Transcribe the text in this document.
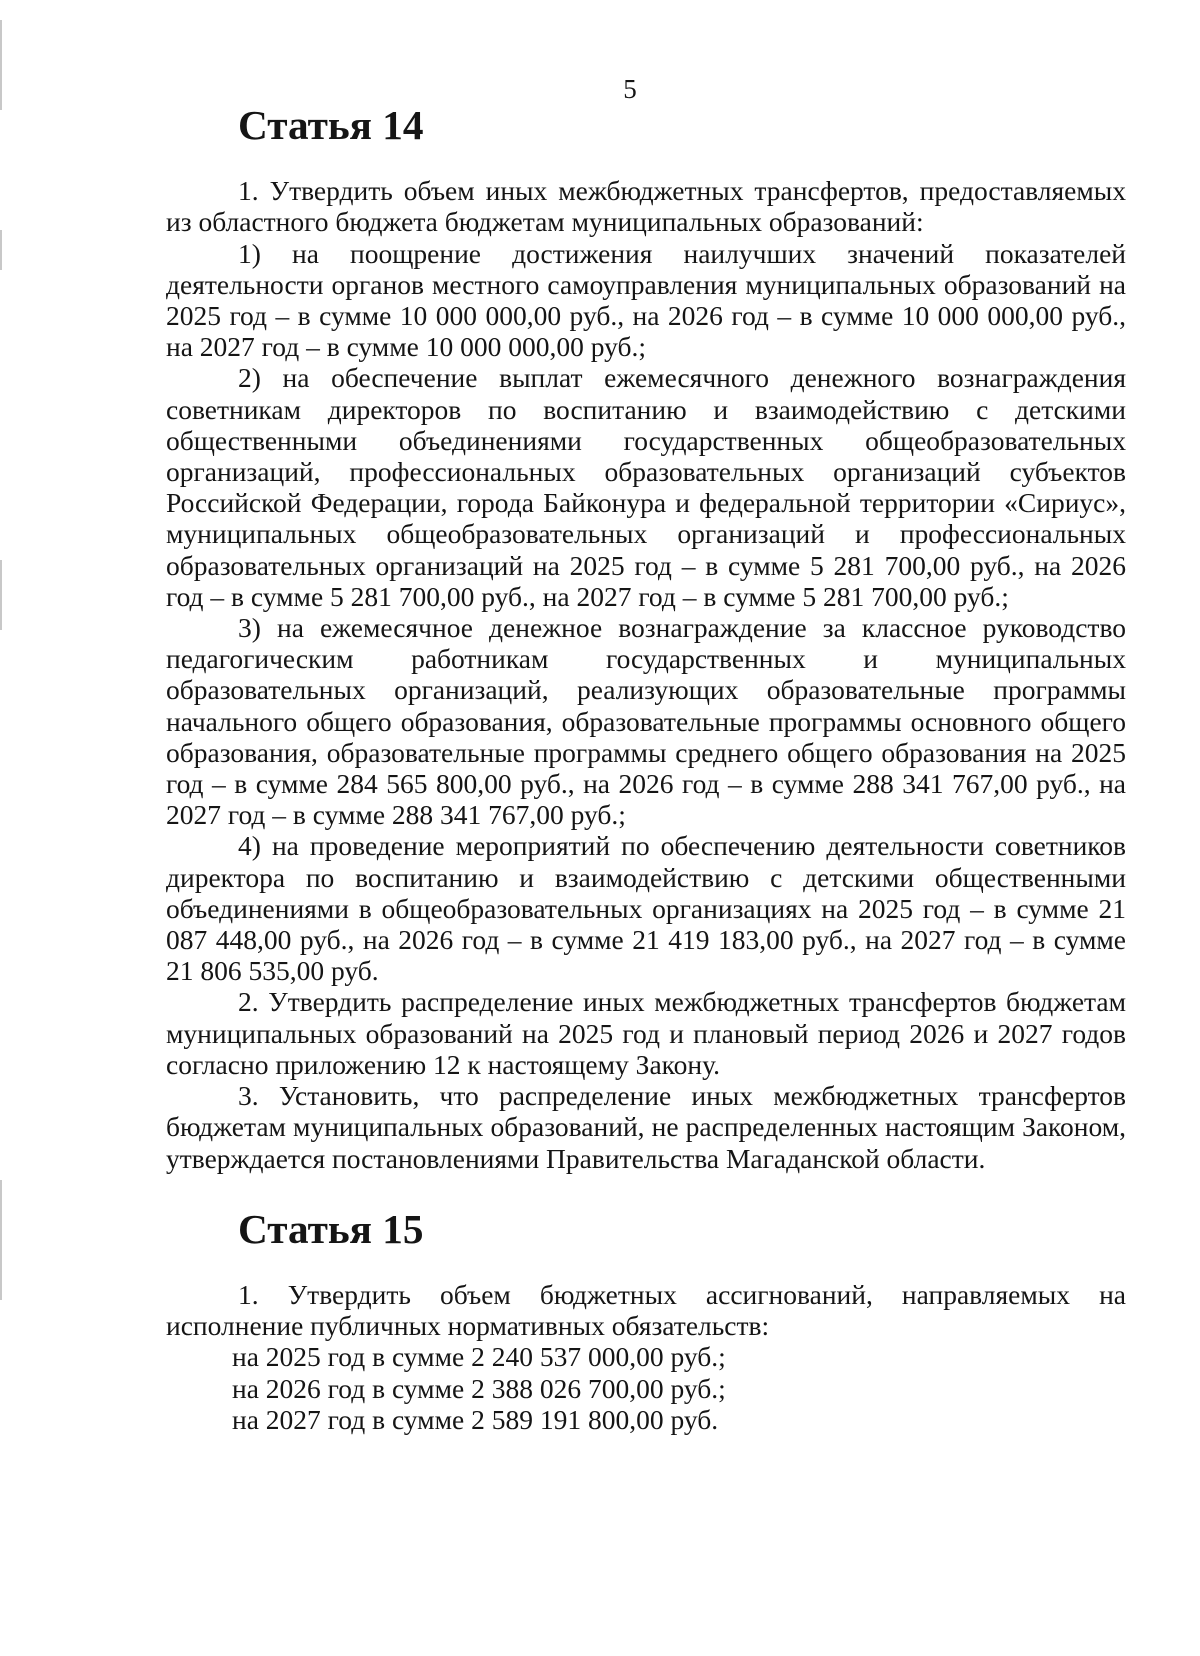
5
Статья 14

1. Утвердить объем иных межбюджетных трансфертов, предоставляемых из областного бюджета бюджетам муниципальных образований:

1) на поощрение достижения наилучших значений показателей деятельности органов местного самоуправления муниципальных образований на 2025 год – в сумме 10 000 000,00 руб., на 2026 год – в сумме 10 000 000,00 руб., на 2027 год – в сумме 10 000 000,00 руб.;

2) на обеспечение выплат ежемесячного денежного вознаграждения советникам директоров по воспитанию и взаимодействию с детскими общественными объединениями государственных общеобразовательных организаций, профессиональных образовательных организаций субъектов Российской Федерации, города Байконура и федеральной территории «Сириус», муниципальных общеобразовательных организаций и профессиональных образовательных организаций на 2025 год – в сумме 5 281 700,00 руб., на 2026 год – в сумме 5 281 700,00 руб., на 2027 год – в сумме 5 281 700,00 руб.;

3) на ежемесячное денежное вознаграждение за классное руководство педагогическим работникам государственных и муниципальных образовательных организаций, реализующих образовательные программы начального общего образования, образовательные программы основного общего образования, образовательные программы среднего общего образования на 2025 год – в сумме 284 565 800,00 руб., на 2026 год – в сумме 288 341 767,00 руб., на 2027 год – в сумме 288 341 767,00 руб.;

4) на проведение мероприятий по обеспечению деятельности советников директора по воспитанию и взаимодействию с детскими общественными объединениями в общеобразовательных организациях на 2025 год – в сумме 21 087 448,00 руб., на 2026 год – в сумме 21 419 183,00 руб., на 2027 год – в сумме 21 806 535,00 руб.

2. Утвердить распределение иных межбюджетных трансфертов бюджетам муниципальных образований на 2025 год и плановый период 2026 и 2027 годов согласно приложению 12 к настоящему Закону.

3. Установить, что распределение иных межбюджетных трансфертов бюджетам муниципальных образований, не распределенных настоящим Законом, утверждается постановлениями Правительства Магаданской области.

Статья 15

1. Утвердить объем бюджетных ассигнований, направляемых на исполнение публичных нормативных обязательств:

на 2025 год в сумме 2 240 537 000,00 руб.;

на 2026 год в сумме 2 388 026 700,00 руб.;

на 2027 год в сумме 2 589 191 800,00 руб.
